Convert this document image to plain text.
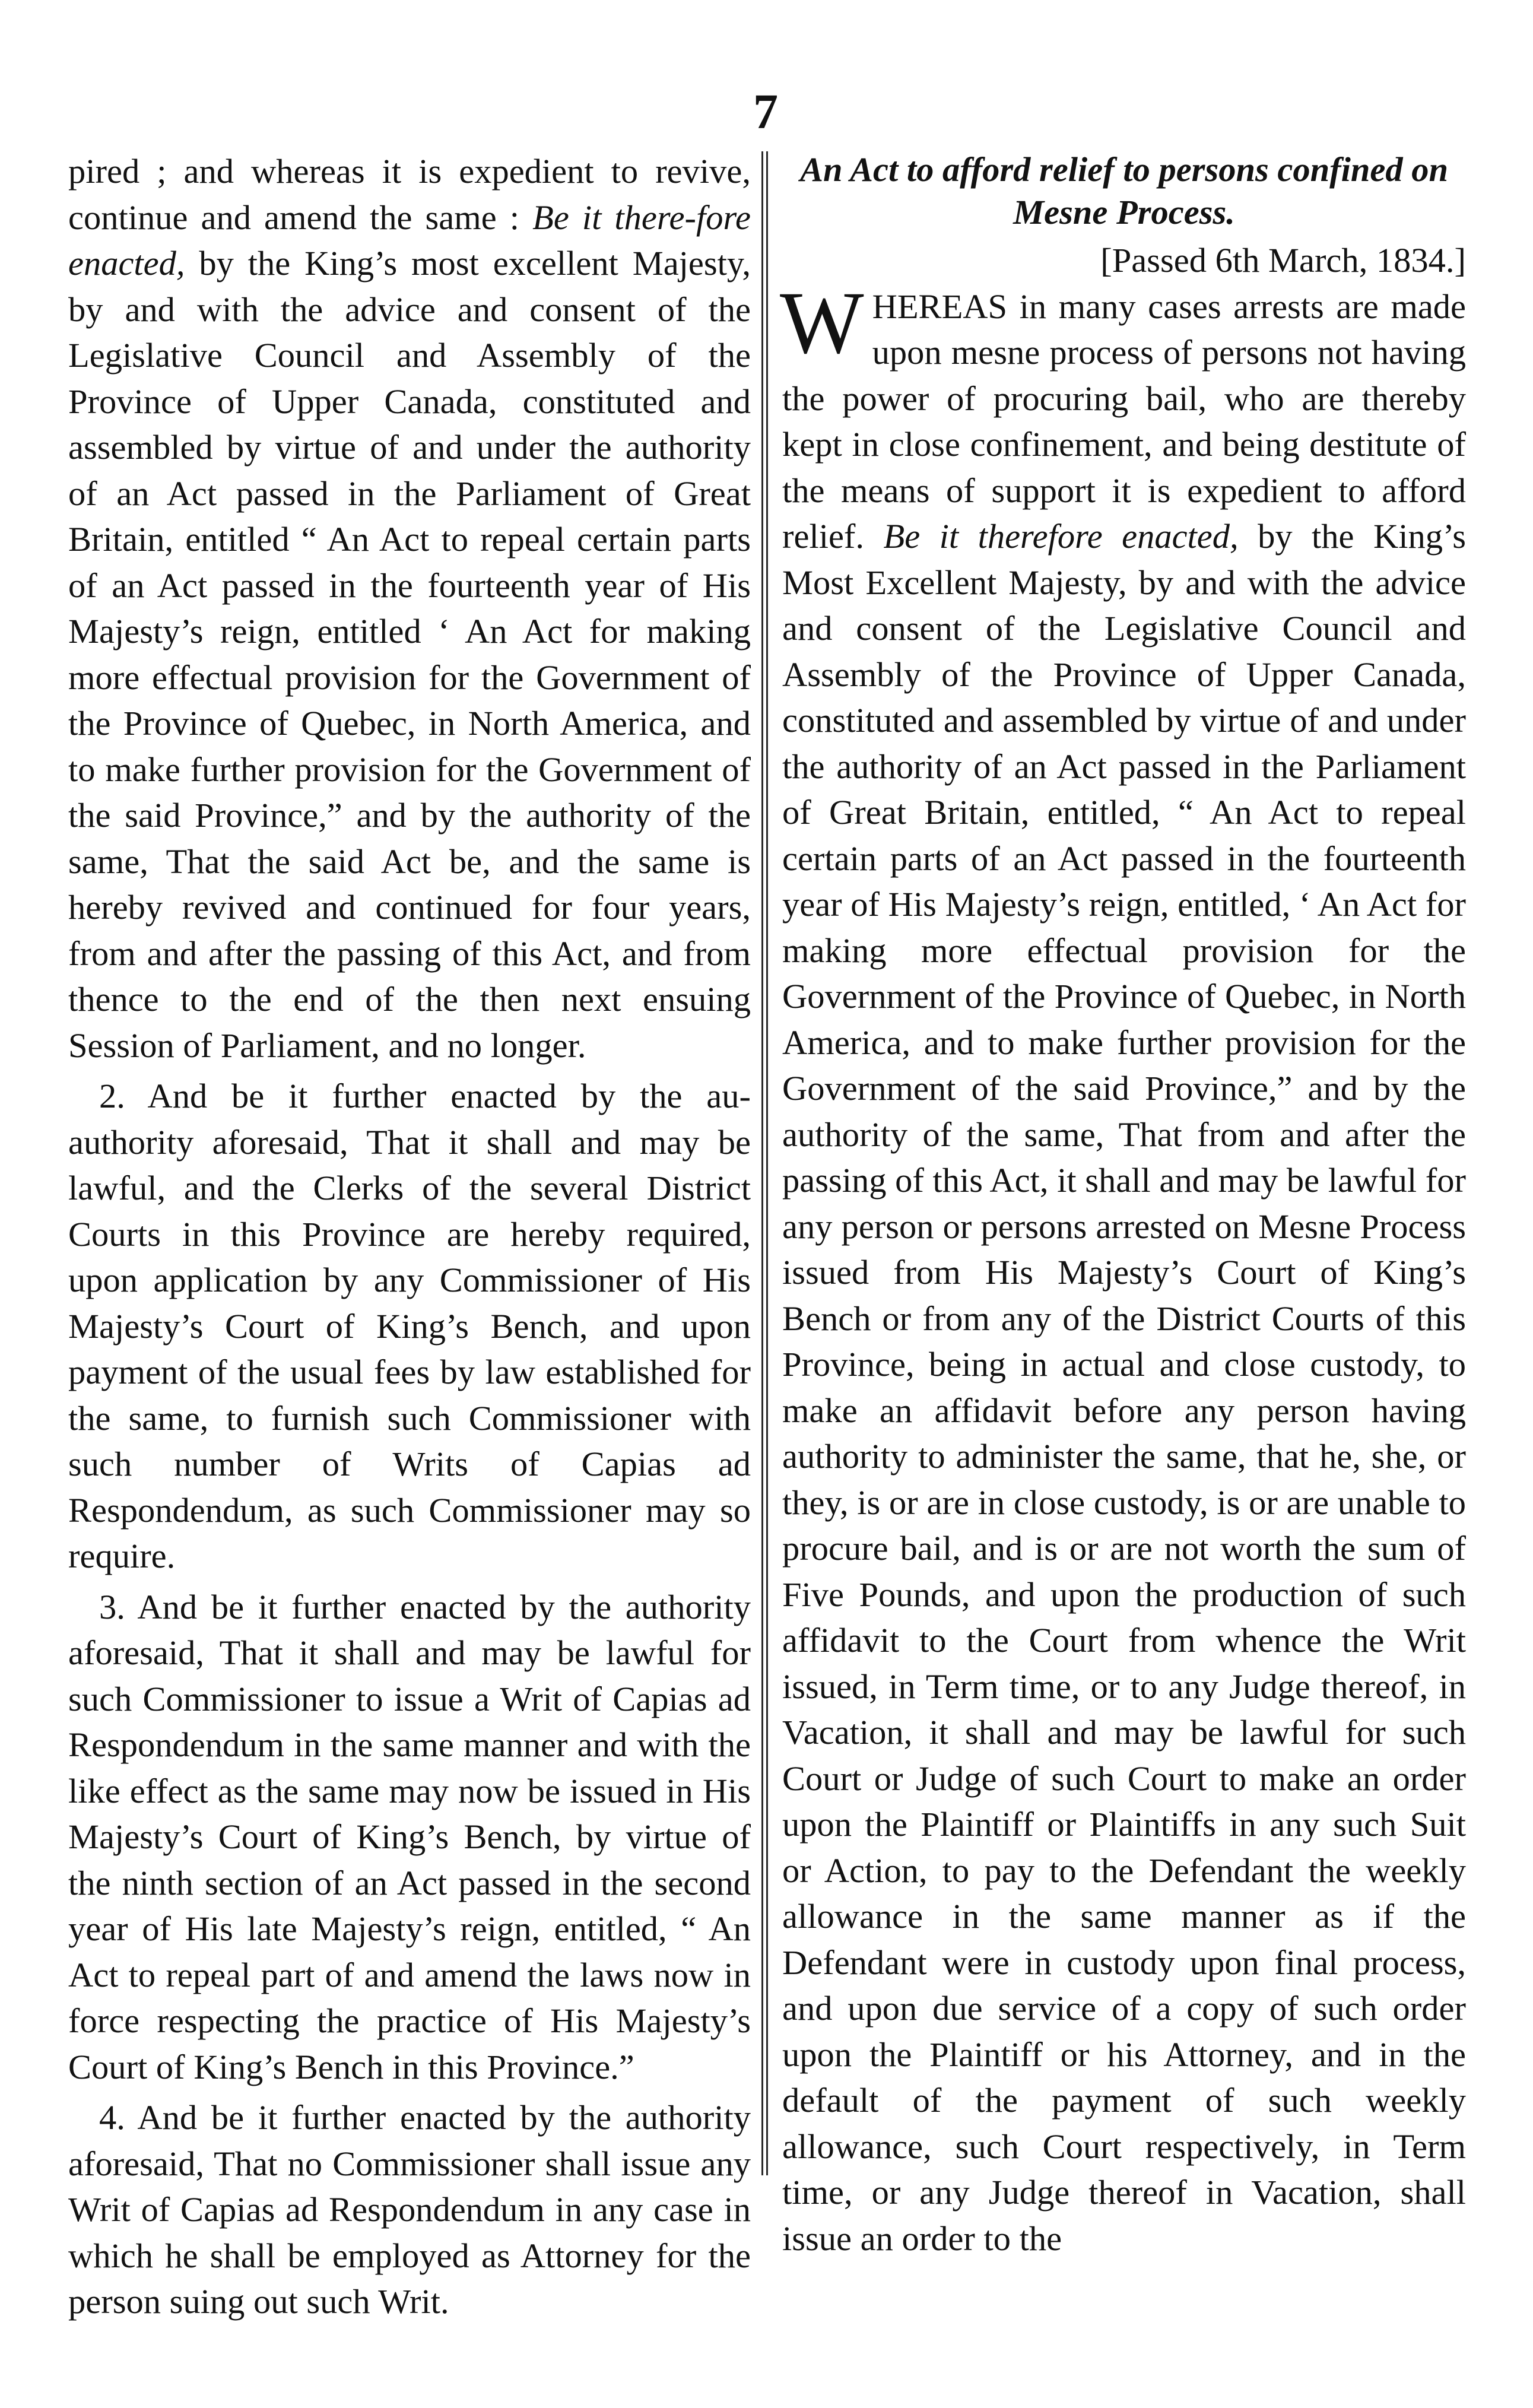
7

pired ; and whereas it is expedient to revive, continue and amend the same : Be it there-fore enacted, by the King’s most excellent Majesty, by and with the advice and consent of the Legislative Council and Assembly of the Province of Upper Canada, constituted and assembled by virtue of and under the authority of an Act passed in the Parliament of Great Britain, entitled “ An Act to repeal certain parts of an Act passed in the fourteenth year of His Majesty’s reign, entitled ‘ An Act for making more effectual provision for the Government of the Province of Quebec, in North America, and to make further provision for the Government of the said Province,” and by the authority of the same, That the said Act be, and the same is hereby revived and continued for four years, from and after the passing of this Act, and from thence to the end of the then next ensuing Session of Parliament, and no longer.

2. And be it further enacted by the au-authority aforesaid, That it shall and may be lawful, and the Clerks of the several District Courts in this Province are hereby required, upon application by any Commissioner of His Majesty’s Court of King’s Bench, and upon payment of the usual fees by law established for the same, to furnish such Commissioner with such number of Writs of Capias ad Respondendum, as such Commissioner may so require.

3. And be it further enacted by the authority aforesaid, That it shall and may be lawful for such Commissioner to issue a Writ of Capias ad Respondendum in the same manner and with the like effect as the same may now be issued in His Majesty’s Court of King’s Bench, by virtue of the ninth section of an Act passed in the second year of His late Majesty’s reign, entitled, “ An Act to repeal part of and amend the laws now in force respecting the practice of His Majesty’s Court of King’s Bench in this Province.”

4. And be it further enacted by the authority aforesaid, That no Commissioner shall issue any Writ of Capias ad Respondendum in any case in which he shall be employed as Attorney for the person suing out such Writ.

An Act to afford relief to persons confined on Mesne Process.

[Passed 6th March, 1834.]

WHEREAS in many cases arrests are made upon mesne process of persons not having the power of procuring bail, who are thereby kept in close confinement, and being destitute of the means of support it is expedient to afford relief. Be it therefore enacted, by the King’s Most Excellent Majesty, by and with the advice and consent of the Legislative Council and Assembly of the Province of Upper Canada, constituted and assembled by virtue of and under the authority of an Act passed in the Parliament of Great Britain, entitled, “ An Act to repeal certain parts of an Act passed in the fourteenth year of His Majesty’s reign, entitled, ‘ An Act for making more effectual provision for the Government of the Province of Quebec, in North America, and to make further provision for the Government of the said Province,” and by the authority of the same, That from and after the passing of this Act, it shall and may be lawful for any person or persons arrested on Mesne Process issued from His Majesty’s Court of King’s Bench or from any of the District Courts of this Province, being in actual and close custody, to make an affidavit before any person having authority to administer the same, that he, she, or they, is or are in close custody, is or are unable to procure bail, and is or are not worth the sum of Five Pounds, and upon the production of such affidavit to the Court from whence the Writ issued, in Term time, or to any Judge thereof, in Vacation, it shall and may be lawful for such Court or Judge of such Court to make an order upon the Plaintiff or Plaintiffs in any such Suit or Action, to pay to the Defendant the weekly allowance in the same manner as if the Defendant were in custody upon final process, and upon due service of a copy of such order upon the Plaintiff or his Attorney, and in the default of the payment of such weekly allowance, such Court respectively, in Term time, or any Judge thereof in Vacation, shall issue an order to the
